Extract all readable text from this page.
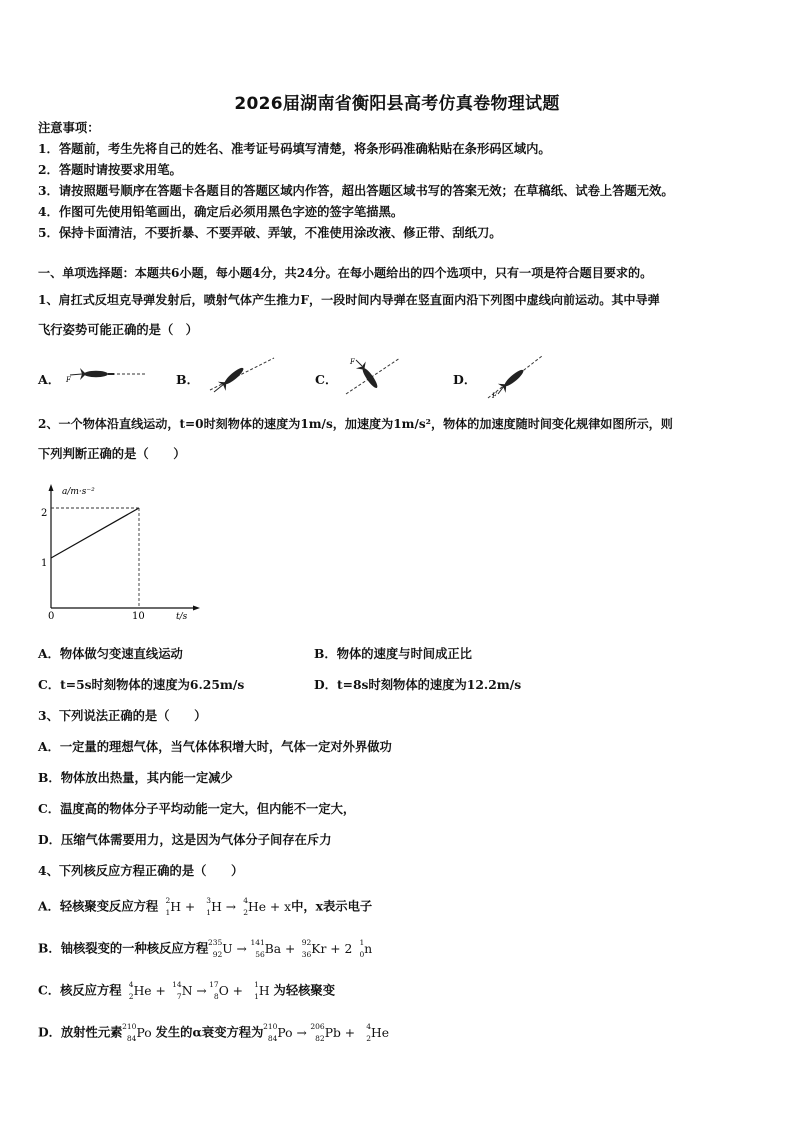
2026届湖南省衡阳县高考仿真卷物理试题
注意事项：
1．答题前，考生先将自己的姓名、准考证号码填写清楚，将条形码准确粘贴在条形码区域内。
2．答题时请按要求用笔。
3．请按照题号顺序在答题卡各题目的答题区域内作答，超出答题区域书写的答案无效；在草稿纸、试卷上答题无效。
4．作图可先使用铅笔画出，确定后必须用黑色字迹的签字笔描黑。
5．保持卡面清洁，不要折暴、不要弄破、弄皱，不准使用涂改液、修正带、刮纸刀。
一、单项选择题：本题共6小题，每小题4分，共24分。在每小题给出的四个选项中，只有一项是符合题目要求的。
1、肩扛式反坦克导弹发射后，喷射气体产生推力F，一段时间内导弹在竖直面内沿下列图中虚线向前运动。其中导弹
飞行姿势可能正确的是（　）
A． F	B．	C．
F
D．
F
2、一个物体沿直线运动，t=0时刻物体的速度为1m/s，加速度为1m/s²，物体的加速度随时间变化规律如图所示，则
下列判断正确的是（　　）
a/m·s⁻²
t/s
2
1
0	10
A．物体做匀变速直线运动	B．物体的速度与时间成正比
C．t=5s时刻物体的速度为6.25m/s	D．t=8s时刻物体的速度为12.2m/s
3、下列说法正确的是（　　）
A．一定量的理想气体，当气体体积增大时，气体一定对外界做功
B．物体放出热量，其内能一定减少
C．温度高的物体分子平均动能一定大，但内能不一定大，
D．压缩气体需要用力，这是因为气体分子间存在斥力
4、下列核反应方程正确的是（　　）
A．轻核聚变反应方程 2
1 H + 3
1 H → 4
2 He + x中，x表示电子
B．铀核裂变的一种核反应方程 235
92 U → 141
56 Ba + 92
36 Kr + 2 1
0 n
C．核反应方程 4
2 He + 14
7 N → 17
8 O + 1
1 H 为轻核聚变
D．放射性元素 210
84 Po 发生的α衰变方程为 210
84 Po → 206
82 Pb + 4
2 He
